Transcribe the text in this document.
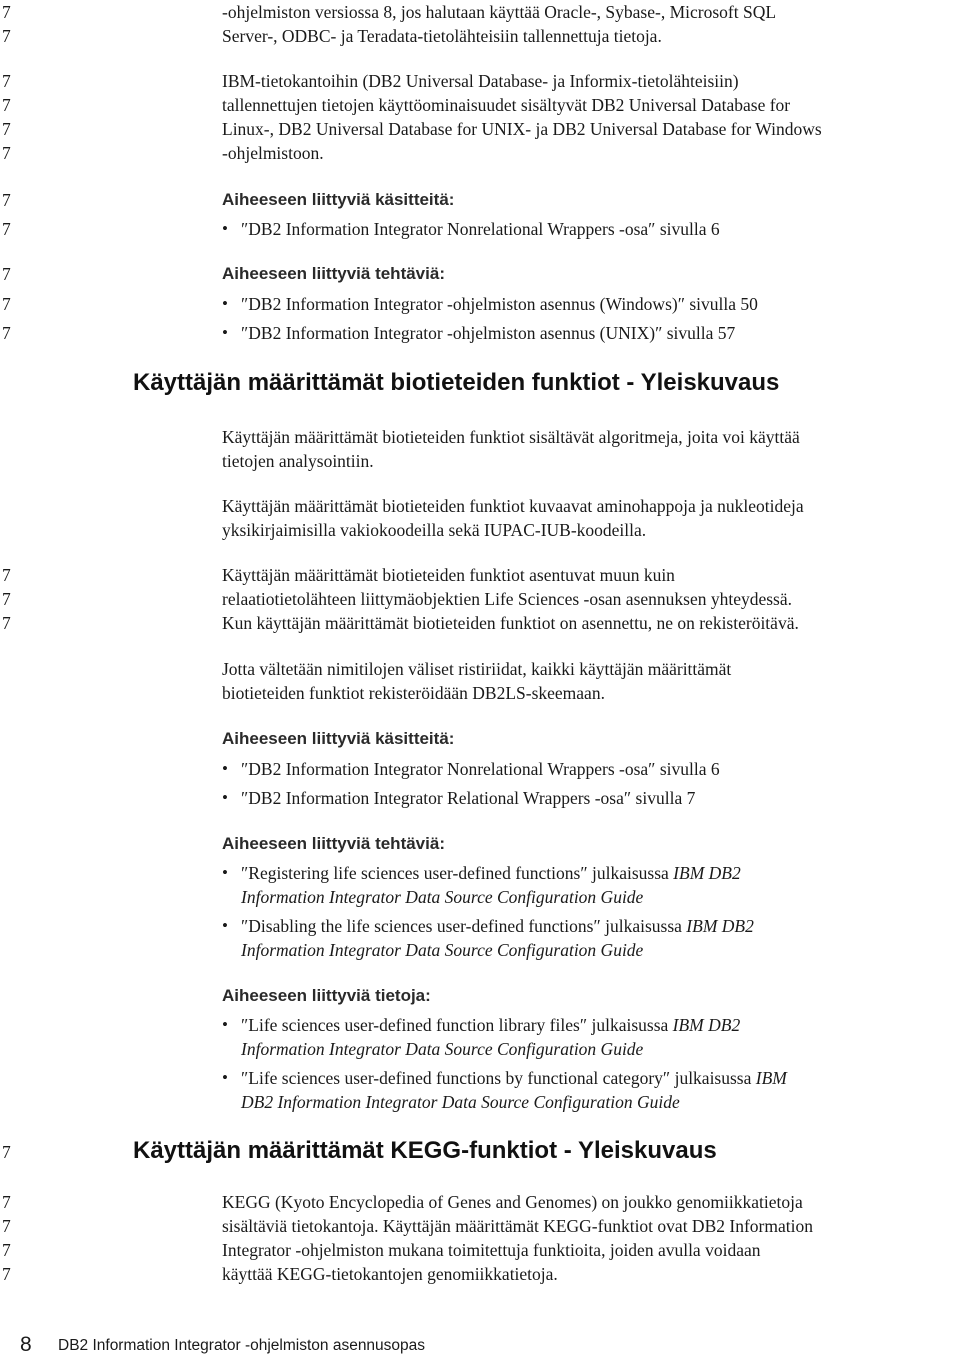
7
7
7
7
7
7
7
7
7
7
7
7
7
7
7
7
7
7
7
-ohjelmiston versiossa 8, jos halutaan käyttää Oracle-, Sybase-, Microsoft SQL
Server-, ODBC- ja Teradata-tietolähteisiin tallennettuja tietoja.
IBM-tietokantoihin (DB2 Universal Database- ja Informix-tietolähteisiin)
tallennettujen tietojen käyttöominaisuudet sisältyvät DB2 Universal Database for
Linux-, DB2 Universal Database for UNIX- ja DB2 Universal Database for Windows
-ohjelmistoon.
Aiheeseen liittyviä käsitteitä:
• ″DB2 Information Integrator Nonrelational Wrappers -osa″ sivulla 6
Aiheeseen liittyviä tehtäviä:
• ″DB2 Information Integrator -ohjelmiston asennus (Windows)″ sivulla 50
• ″DB2 Information Integrator -ohjelmiston asennus (UNIX)″ sivulla 57
Käyttäjän määrittämät biotieteiden funktiot - Yleiskuvaus
Käyttäjän määrittämät biotieteiden funktiot sisältävät algoritmeja, joita voi käyttää
tietojen analysointiin.
Käyttäjän määrittämät biotieteiden funktiot kuvaavat aminohappoja ja nukleotideja
yksikirjaimisilla vakiokoodeilla sekä IUPAC-IUB-koodeilla.
Käyttäjän määrittämät biotieteiden funktiot asentuvat muun kuin
relaatiotietolähteen liittymäobjektien Life Sciences -osan asennuksen yhteydessä.
Kun käyttäjän määrittämät biotieteiden funktiot on asennettu, ne on rekisteröitävä.
Jotta vältetään nimitilojen väliset ristiriidat, kaikki käyttäjän määrittämät
biotieteiden funktiot rekisteröidään DB2LS-skeemaan.
Aiheeseen liittyviä käsitteitä:
• ″DB2 Information Integrator Nonrelational Wrappers -osa″ sivulla 6
• ″DB2 Information Integrator Relational Wrappers -osa″ sivulla 7
Aiheeseen liittyviä tehtäviä:
• ″Registering life sciences user-defined functions″ julkaisussa IBM DB2
Information Integrator Data Source Configuration Guide
• ″Disabling the life sciences user-defined functions″ julkaisussa IBM DB2
Information Integrator Data Source Configuration Guide
Aiheeseen liittyviä tietoja:
• ″Life sciences user-defined function library files″ julkaisussa IBM DB2
Information Integrator Data Source Configuration Guide
• ″Life sciences user-defined functions by functional category″ julkaisussa IBM
DB2 Information Integrator Data Source Configuration Guide
Käyttäjän määrittämät KEGG-funktiot - Yleiskuvaus
KEGG (Kyoto Encyclopedia of Genes and Genomes) on joukko genomiikkatietoja
sisältäviä tietokantoja. Käyttäjän määrittämät KEGG-funktiot ovat DB2 Information
Integrator -ohjelmiston mukana toimitettuja funktioita, joiden avulla voidaan
käyttää KEGG-tietokantojen genomiikkatietoja.
8 DB2 Information Integrator -ohjelmiston asennusopas
